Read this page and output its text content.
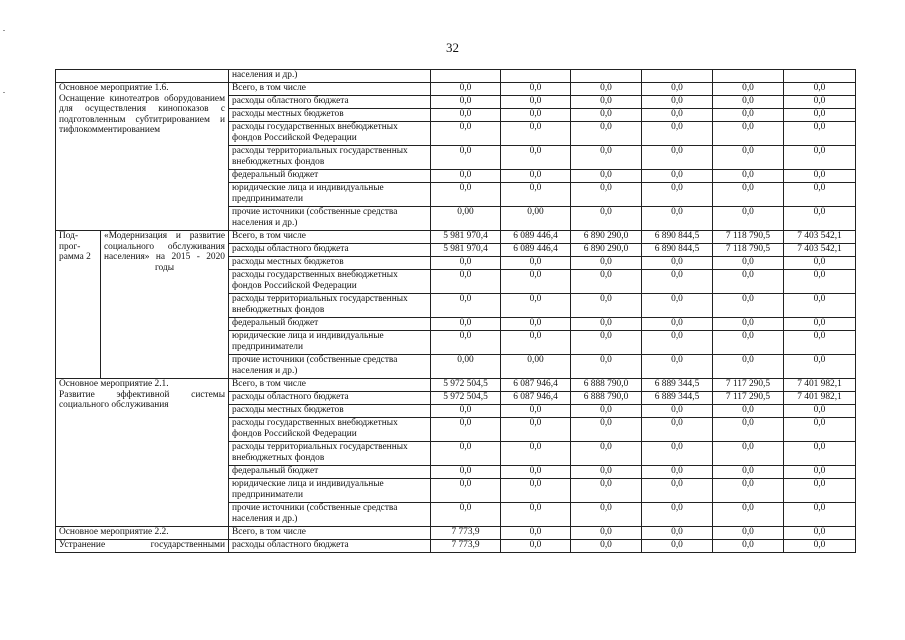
32
		населения и др.)						

Основное мероприятие 1.6.
Оснащение кинотеатров оборудованием для осуществления кинопоказов с подготовленным субтитрированием и тифлокомментированием		Всего, в том числе	0,0	0,0	0,0	0,0	0,0	0,0
		расходы областного бюджета	0,0	0,0	0,0	0,0	0,0	0,0
		расходы местных бюджетов	0,0	0,0	0,0	0,0	0,0	0,0
		расходы государственных внебюджетных фондов Российской Федерации	0,0	0,0	0,0	0,0	0,0	0,0
		расходы территориальных государственных внебюджетных фондов	0,0	0,0	0,0	0,0	0,0	0,0
		федеральный бюджет	0,0	0,0	0,0	0,0	0,0	0,0
		юридические лица и индивидуальные предприниматели	0,0	0,0	0,0	0,0	0,0	0,0
		прочие источники (собственные средства населения и др.)	0,00	0,00	0,0	0,0	0,0	0,0

Под-
прог-
рамма 2	«Модернизация и развитие социального обслуживания населения» на 2015 - 2020 годы	Всего, в том числе	5 981 970,4	6 089 446,4	6 890 290,0	6 890 844,5	7 118 790,5	7 403 542,1
		расходы областного бюджета	5 981 970,4	6 089 446,4	6 890 290,0	6 890 844,5	7 118 790,5	7 403 542,1
		расходы местных бюджетов	0,0	0,0	0,0	0,0	0,0	0,0
		расходы государственных внебюджетных фондов Российской Федерации	0,0	0,0	0,0	0,0	0,0	0,0
		расходы территориальных государственных внебюджетных фондов	0,0	0,0	0,0	0,0	0,0	0,0
		федеральный бюджет	0,0	0,0	0,0	0,0	0,0	0,0
		юридические лица и индивидуальные предприниматели	0,0	0,0	0,0	0,0	0,0	0,0
		прочие источники (собственные средства населения и др.)	0,00	0,00	0,0	0,0	0,0	0,0

Основное мероприятие 2.1.
Развитие эффективной системы социального обслуживания		Всего, в том числе	5 972 504,5	6 087 946,4	6 888 790,0	6 889 344,5	7 117 290,5	7 401 982,1
		расходы областного бюджета	5 972 504,5	6 087 946,4	6 888 790,0	6 889 344,5	7 117 290,5	7 401 982,1
		расходы местных бюджетов	0,0	0,0	0,0	0,0	0,0	0,0
		расходы государственных внебюджетных фондов Российской Федерации	0,0	0,0	0,0	0,0	0,0	0,0
		расходы территориальных государственных внебюджетных фондов	0,0	0,0	0,0	0,0	0,0	0,0
		федеральный бюджет	0,0	0,0	0,0	0,0	0,0	0,0
		юридические лица и индивидуальные предприниматели	0,0	0,0	0,0	0,0	0,0	0,0
		прочие источники (собственные средства населения и др.)	0,0	0,0	0,0	0,0	0,0	0,0
Основное мероприятие 2.2.		Всего, в том числе	7 773,9	0,0	0,0	0,0	0,0	0,0

Устранение государственными		расходы областного бюджета	7 773,9	0,0	0,0	0,0	0,0	0,0
